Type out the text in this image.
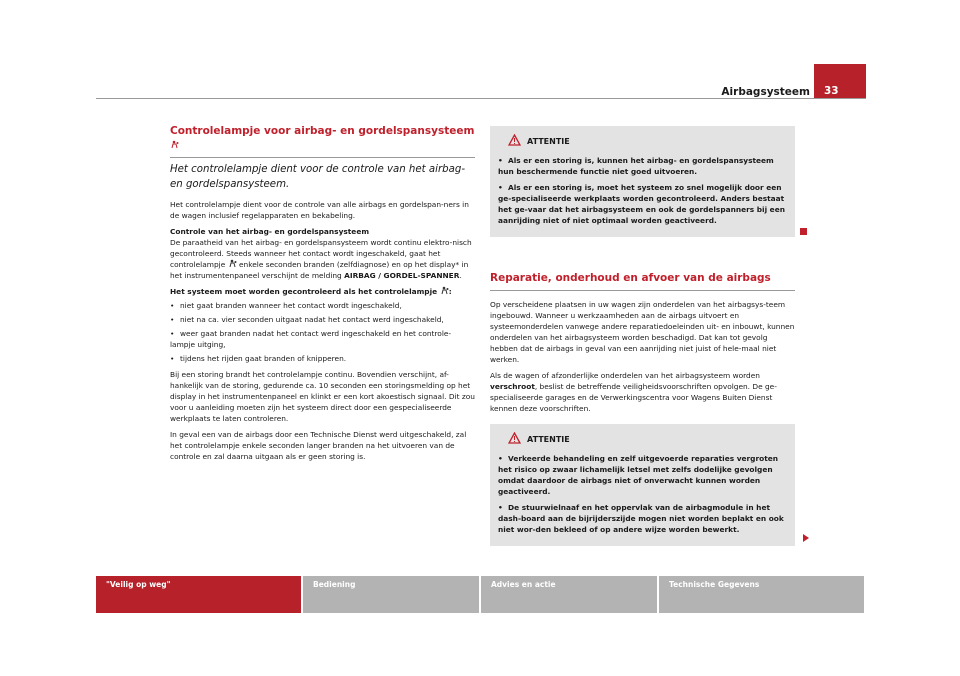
Airbagsysteem 33
Controlelampje voor airbag- en gordelspansysteem
Het controlelampje dient voor de controle van het airbag- en gordelspansysteem.

Het controlelampje dient voor de controle van alle airbags en gordelspan-ners in de wagen inclusief regelapparaten en bekabeling.

Controle van het airbag- en gordelspansysteem

De paraatheid van het airbag- en gordelspansysteem wordt continu elektro-nisch gecontroleerd. Steeds wanneer het contact wordt ingeschakeld, gaat het controlelampje enkele seconden branden (zelfdiagnose) en op het display* in het instrumentenpaneel verschijnt de melding AIRBAG / GORDEL-SPANNER.

Het systeem moet worden gecontroleerd als het controlelampje :

• niet gaat branden wanneer het contact wordt ingeschakeld,

• niet na ca. vier seconden uitgaat nadat het contact werd ingeschakeld,

• weer gaat branden nadat het contact werd ingeschakeld en het controle-lampje uitging,

• tijdens het rijden gaat branden of knipperen.

Bij een storing brandt het controlelampje continu. Bovendien verschijnt, af-hankelijk van de storing, gedurende ca. 10 seconden een storingsmelding op het display in het instrumentenpaneel en klinkt er een kort akoestisch signaal. Dit zou voor u aanleiding moeten zijn het systeem direct door een gespecialiseerde werkplaats te laten controleren.

In geval een van de airbags door een Technische Dienst werd uitgeschakeld, zal het controlelampje enkele seconden langer branden na het uitvoeren van de controle en zal daarna uitgaan als er geen storing is.

ATTENTIE

• Als er een storing is, kunnen het airbag- en gordelspansysteem hun beschermende functie niet goed uitvoeren.

• Als er een storing is, moet het systeem zo snel mogelijk door een ge-specialiseerde werkplaats worden gecontroleerd. Anders bestaat het ge-vaar dat het airbagsysteem en ook de gordelspanners bij een aanrijding niet of niet optimaal worden geactiveerd.

Reparatie, onderhoud en afvoer van de airbags

Op verscheidene plaatsen in uw wagen zijn onderdelen van het airbagsys-teem ingebouwd. Wanneer u werkzaamheden aan de airbags uitvoert en systeemonderdelen vanwege andere reparatiedoeleinden uit- en inbouwt, kunnen onderdelen van het airbagsysteem worden beschadigd. Dat kan tot gevolg hebben dat de airbags in geval van een aanrijding niet juist of hele-maal niet werken.

Als de wagen of afzonderlijke onderdelen van het airbagsysteem worden verschroot, beslist de betreffende veiligheidsvoorschriften opvolgen. De ge-specialiseerde garages en de Verwerkingscentra voor Wagens Buiten Dienst kennen deze voorschriften.

ATTENTIE

• Verkeerde behandeling en zelf uitgevoerde reparaties vergroten het risico op zwaar lichamelijk letsel met zelfs dodelijke gevolgen omdat daardoor de airbags niet of onverwacht kunnen worden geactiveerd.

• De stuurwielnaaf en het oppervlak van de airbagmodule in het dash-board aan de bijrijderszijde mogen niet worden beplakt en ook niet wor-den bekleed of op andere wijze worden bewerkt.

"Veilig op weg"	Bediening	Advies en actie	Technische Gegevens
